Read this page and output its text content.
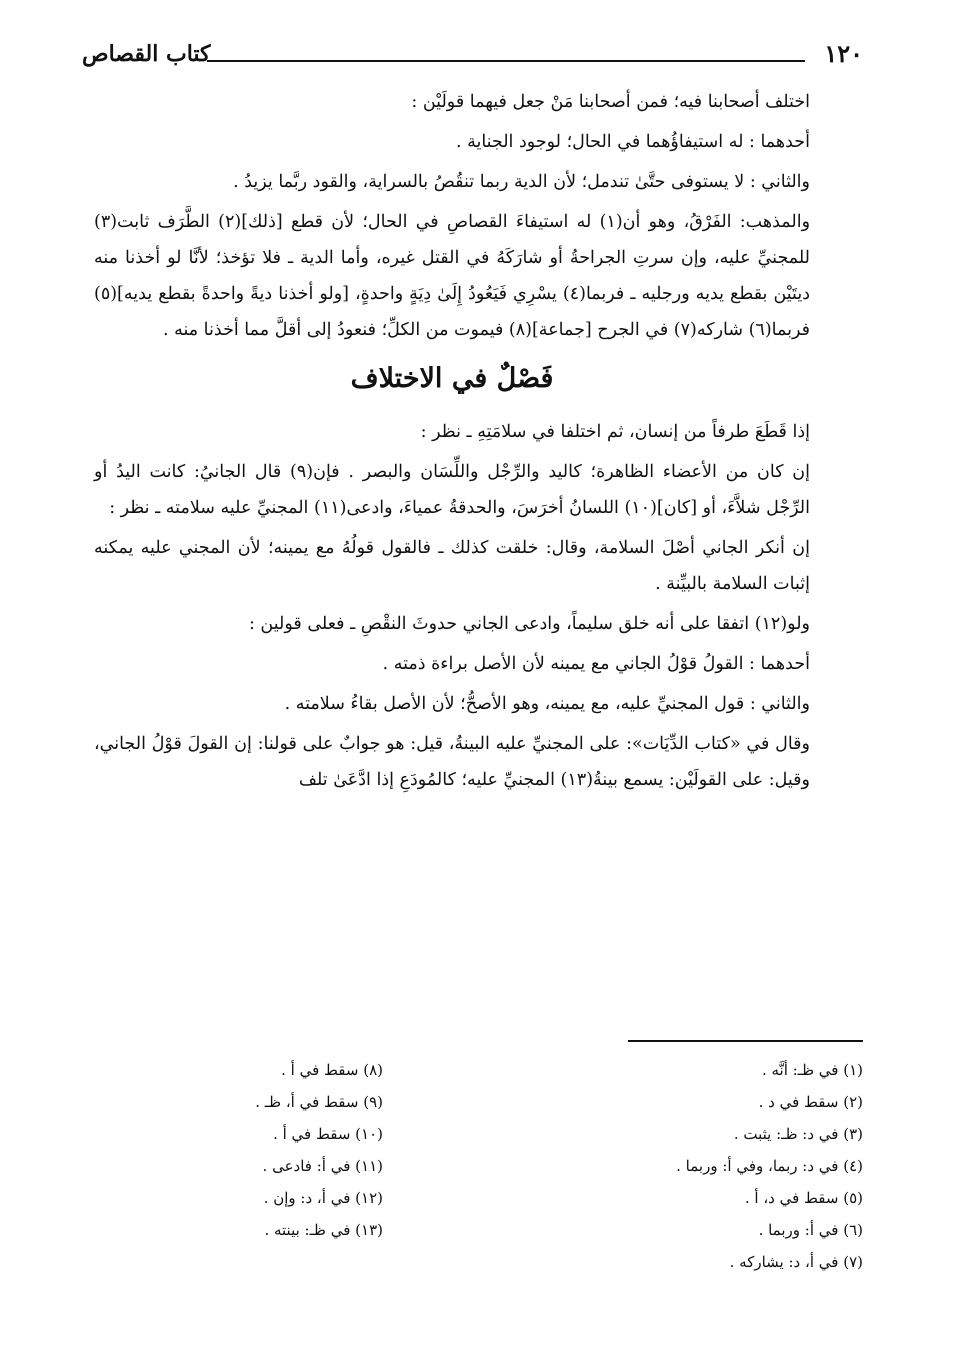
١٢٠
كتاب القصاص

اختلف أصحابنا فيه؛ فمن أصحابنا مَنْ جعل فيهما قولَيْن :

أحدهما : له استيفاؤُهما في الحال؛ لوجود الجناية .

والثاني : لا يستوفى حتَّىٰ تندمل؛ لأن الدية ربما تنقُصُ بالسراية، والقود ربَّما يزيدُ .

والمذهب: الفَرْقُ، وهو أن(١) له استيفاءَ القصاصِ في الحال؛ لأن قطع [ذلك](٢) الطَّرَف ثابت(٣) للمجنيِّ عليه، وإن سرتِ الجراحةُ أو شارَكَهُ في القتل غيره، وأما الدية ـ فلا تؤخذ؛ لأنَّا لو أخذنا منه ديتَيْن بقطع يديه ورجليه ـ فربما(٤) يسْرِي فَيَعُودُ إِلَىٰ دِيَةٍ واحدةٍ، [ولو أخذنا ديةً واحدةً بقطع يديه](٥) فربما(٦) شاركه(٧) في الجرح [جماعة](٨) فيموت من الكلِّ؛ فنعودُ إلى أقلَّ مما أخذنا منه .

فَصْلٌ في الاختلاف

إذا قَطَعَ طرفاً من إنسان، ثم اختلفا في سلامَتِهِ ـ نظر :

إن كان من الأعضاء الظاهرة؛ كاليد والرِّجْل واللِّسَان والبصر . فإن(٩) قال الجانيُ: كانت اليدُ أو الرِّجْل شلاَّءَ، أو [كان](١٠) اللسانُ أخرَسَ، والحدقةُ عمياءَ، وادعى(١١) المجنيِّ عليه سلامته ـ نظر :

إن أنكر الجاني أصْلَ السلامة، وقال: خلقت كذلك ـ فالقول قولُهُ مع يمينه؛ لأن المجني عليه يمكنه إثبات السلامة بالبيِّنة .

ولو(١٢) اتفقا على أنه خلق سليماً، وادعى الجاني حدوثَ النقْصِ ـ فعلى قولين :

أحدهما : القولُ قوْلُ الجاني مع يمينه لأن الأصل براءة ذمته .

والثاني : قول المجنيِّ عليه، مع يمينه، وهو الأصحُّ؛ لأن الأصل بقاءُ سلامته .

وقال في «كتاب الدِّيَات»: على المجنيِّ عليه البينةُ، قيل: هو جوابٌ على قولنا: إن القولَ قوْلُ الجاني، وقيل: على القولَيْن: يسمع بينةُ(١٣) المجنيِّ عليه؛ كالمُودَعِ إذا ادَّعَىٰ تلف

(١) في ظـ: أنَّه .
(٢) سقط في د .
(٣) في د: ظـ: يثبت .
(٤) في د: ربما، وفي أ: وربما .
(٥) سقط في د، أ .
(٦) في أ: وربما .
(٧) في أ، د: يشاركه .
(٨) سقط في أ .
(٩) سقط في أ، ظـ .
(١٠) سقط في أ .
(١١) في أ: فادعى .
(١٢) في أ، د: وإن .
(١٣) في ظـ: بينته .
